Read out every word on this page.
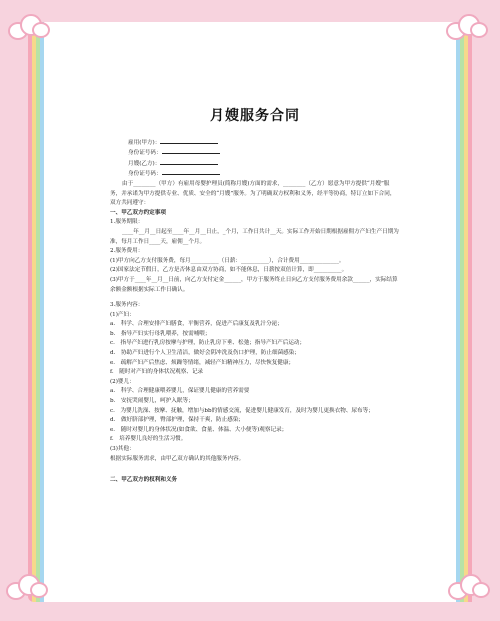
月嫂服务合同
雇用(甲方)：
身份证号码：
月嫂(乙方)：
身份证号码：

由于________（甲方）有雇用母婴护理员(简称月嫂)方面的需求，________（乙方）愿意为甲方提供“月嫂”服务，并承诺为甲方提供专业、优质、安全的“月嫂”服务。为了明确双方权利和义务，经平等协商，特订立如下合同，双方共同遵守：

一、甲乙双方约定事项

1.服务期限：

____年__月__日起至____年__月__日止，_个月，工作日共计__天。实际工作开始日期根据雇佣方产妇生产日期为准，每月工作日____天，雇佣__个月。

2.服务费用：

(1)甲方向乙方支付服务费，每月__________（日薪：__________），合计费用______________。

(2)国家法定节假日，乙方是否休息由双方协商，如不能休息，日薪按双倍计算，即__________。

(3)甲方于____年__月__日前，向乙方支付定金______，甲方于服务终止日向乙方支付服务费用余款______，实际结算余额金额根据实际工作日确认。

3.服务内容：

(1)产妇：

a.　科学、合理安排产妇膳食，平衡营养，促进产后康复及乳汁分泌；

b.　指导产妇实行母乳喂养，按需哺喂；

c.　指导产妇进行乳房按摩与护理，防止乳房下垂、松弛；指导产妇产后运动；

d.　协助产妇进行个人卫生清洁，做好会阴冲洗及伤口护理，防止细菌感染；

e.　疏解产妇产后焦虑、烦躁等情绪，减轻产妇精神压力，尽快恢复健康；

f.　随时对产妇的身体状况观察、记录

(2)婴儿：

a.　科学、合理健康喂养婴儿，保证婴儿健康的营养需要

b.　安抚哭闹婴儿，呵护入眠等；

c.　为婴儿洗澡、按摩、抚触，增加与bb的情感交流，促进婴儿健康发育，及时为婴儿更换衣物、尿布等；

d.　做好脐部护理，臀部护理，保持干爽，防止感染；

e.　随时对婴儿的身体状况(如食欲、食量、体温、大小便等)观察记录；

f.　培养婴儿良好的生活习惯。

(3)其他：

根据实际服务需求，由甲乙双方确认的其他服务内容。

二、甲乙双方的权利和义务
